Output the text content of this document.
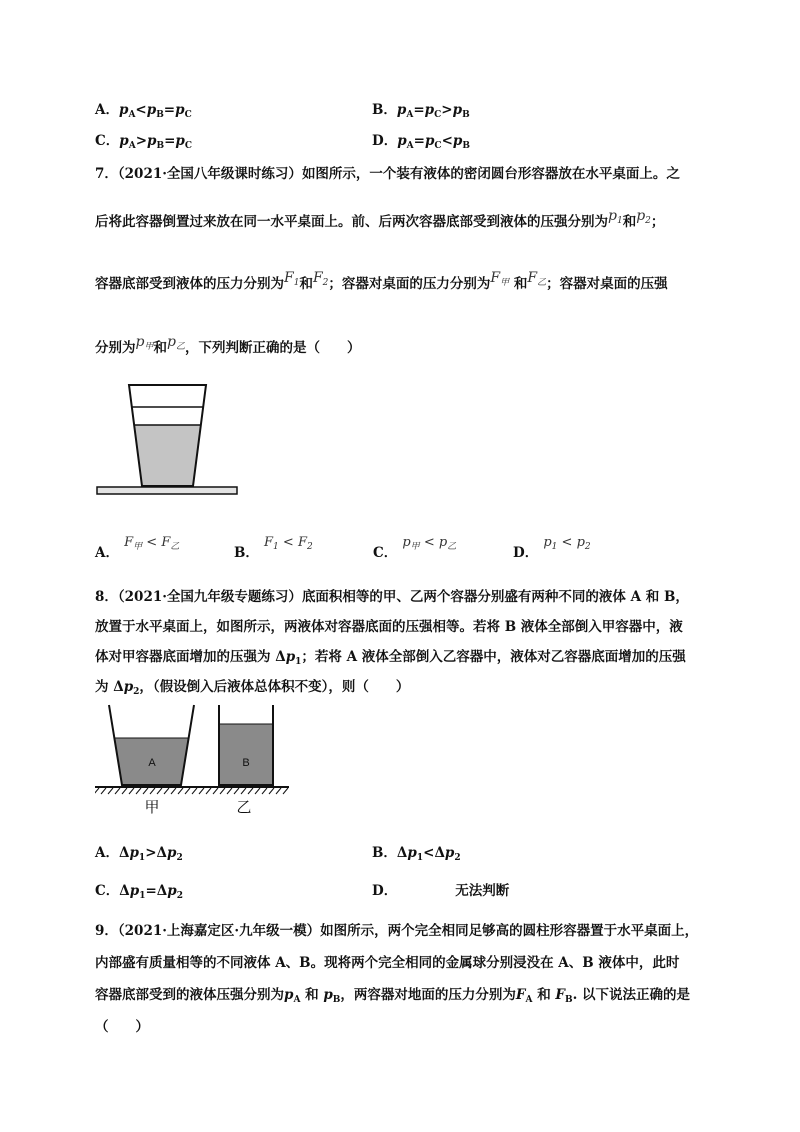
A．$p_A<p_B=p_C$	B．$p_A=p_C>p_B$
C．$p_A>p_B=p_C$	D．$p_A=p_C<p_B$
7．（2021·全国八年级课时练习）如图所示，一个装有液体的密闭圆台形容器放在水平桌面上。之
后将此容器倒置过来放在同一水平桌面上。前、后两次容器底部受到液体的压强分别为$p_1$和$p_2$；
容器底部受到液体的压力分别为$F_1$和$F_2$；容器对桌面的压力分别为$F_甲$ 和$F_乙$；容器对桌面的压强
分别为$p_甲$和$p_乙$，下列判断正确的是（　　）
$_{A.}$ $F_甲 < F_乙$	$_{B.}$ $F_1 < F_2$	$_{C.}$ $p_甲 < p_乙$	$_{D.}$ $p_1 < p_2$
8．（2021·全国九年级专题练习）底面积相等的甲、乙两个容器分别盛有两种不同的液体 A 和 B，
放置于水平桌面上，如图所示，两液体对容器底面的压强相等。若将 B 液体全部倒入甲容器中，液
体对甲容器底面增加的压强为 $\Delta p_1$；若将 A 液体全部倒入乙容器中，液体对乙容器底面增加的压强
为 $\Delta p_2$，（假设倒入后液体总体积不变），则（　　）
A	B
甲	乙
A．$\Delta p_1>\Delta p_2$	B．$\Delta p_1<\Delta p_2$
C．$\Delta p_1=\Delta p_2$	D．	无法判断
9．（2021·上海嘉定区·九年级一模）如图所示，两个完全相同足够高的圆柱形容器置于水平桌面上，
内部盛有质量相等的不同液体 A、B。现将两个完全相同的金属球分别浸没在 A、B 液体中，此时
容器底部受到的液体压强分别为$p_A$ 和 $p_B$，两容器对地面的压力分别为$F_A$ 和 $F_B$. 以下说法正确的是
（　　）
